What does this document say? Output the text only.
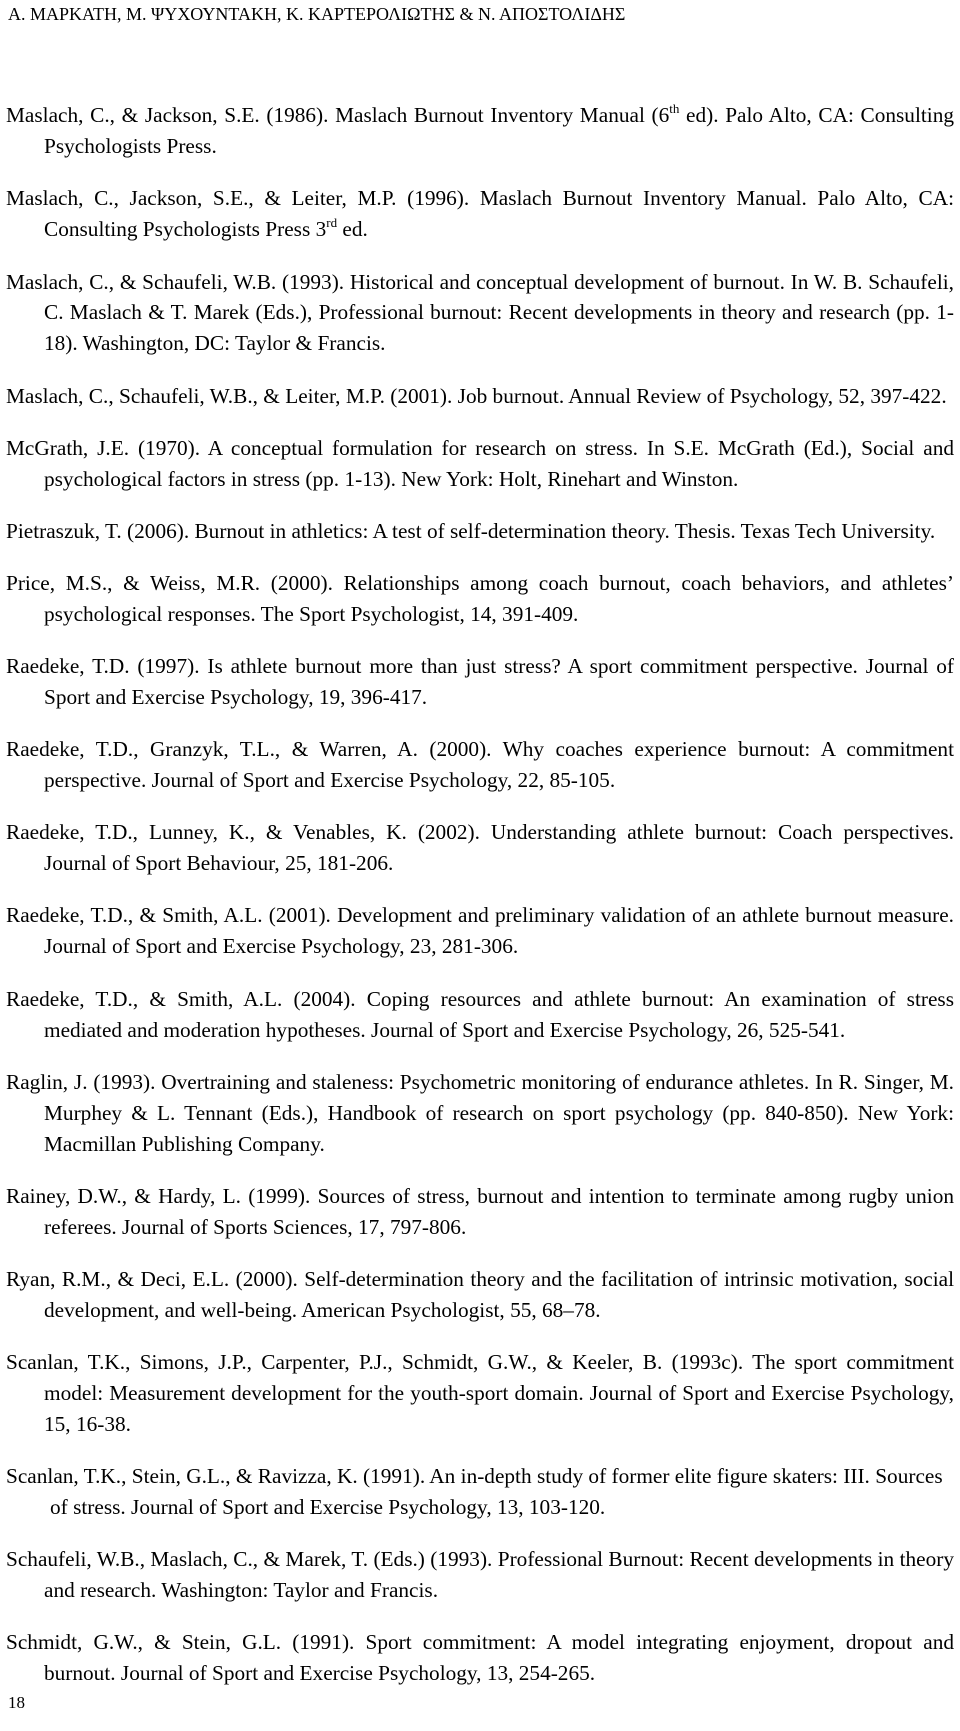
Α. ΜΑΡΚΑΤΗ, Μ. ΨΥΧΟΥΝΤΑΚΗ, Κ. ΚΑΡΤΕΡΟΛΙΩΤΗΣ & Ν. ΑΠΟΣΤΟΛΙΔΗΣ

Maslach, C., & Jackson, S.E. (1986). Maslach Burnout Inventory Manual (6th ed). Palo Alto, CA: Consulting Psychologists Press.

Maslach, C., Jackson, S.E., & Leiter, M.P. (1996). Maslach Burnout Inventory Manual. Palo Alto, CA: Consulting Psychologists Press 3rd ed.

Maslach, C., & Schaufeli, W.B. (1993). Historical and conceptual development of burnout. In W. B. Schaufeli, C. Maslach & T. Marek (Eds.), Professional burnout: Recent developments in theory and research (pp. 1-18). Washington, DC: Taylor & Francis.

Maslach, C., Schaufeli, W.B., & Leiter, M.P. (2001). Job burnout. Annual Review of Psychology, 52, 397-422.

McGrath, J.E. (1970). A conceptual formulation for research on stress. In S.E. McGrath (Ed.), Social and psychological factors in stress (pp. 1-13). New York: Holt, Rinehart and Winston.

Pietraszuk, T. (2006). Burnout in athletics: A test of self-determination theory. Thesis. Texas Tech University.

Price, M.S., & Weiss, M.R. (2000). Relationships among coach burnout, coach behaviors, and athletes’ psychological responses. The Sport Psychologist, 14, 391-409.

Raedeke, T.D. (1997). Is athlete burnout more than just stress? A sport commitment perspective. Journal of Sport and Exercise Psychology, 19, 396-417.

Raedeke, T.D., Granzyk, T.L., & Warren, A. (2000). Why coaches experience burnout: A commitment perspective. Journal of Sport and Exercise Psychology, 22, 85-105.

Raedeke, T.D., Lunney, K., & Venables, K. (2002). Understanding athlete burnout: Coach perspectives. Journal of Sport Behaviour, 25, 181-206.

Raedeke, T.D., & Smith, A.L. (2001). Development and preliminary validation of an athlete burnout measure. Journal of Sport and Exercise Psychology, 23, 281-306.

Raedeke, T.D., & Smith, A.L. (2004). Coping resources and athlete burnout: An examination of stress mediated and moderation hypotheses. Journal of Sport and Exercise Psychology, 26, 525-541.

Raglin, J. (1993). Overtraining and staleness: Psychometric monitoring of endurance athletes. In R. Singer, M. Murphey & L. Tennant (Eds.), Handbook of research on sport psychology (pp. 840-850). New York: Macmillan Publishing Company.

Rainey, D.W., & Hardy, L. (1999). Sources of stress, burnout and intention to terminate among rugby union referees. Journal of Sports Sciences, 17, 797-806.

Ryan, R.M., & Deci, E.L. (2000). Self-determination theory and the facilitation of intrinsic motivation, social development, and well-being. American Psychologist, 55, 68–78.

Scanlan, T.K., Simons, J.P., Carpenter, P.J., Schmidt, G.W., & Keeler, B. (1993c). The sport commitment model: Measurement development for the youth-sport domain. Journal of Sport and Exercise Psychology, 15, 16-38.

Scanlan, T.K., Stein, G.L., & Ravizza, K. (1991). An in-depth study of former elite figure skaters: III. Sources of stress. Journal of Sport and Exercise Psychology, 13, 103-120.

Schaufeli, W.B., Maslach, C., & Marek, T. (Eds.) (1993). Professional Burnout: Recent developments in theory and research. Washington: Taylor and Francis.

Schmidt, G.W., & Stein, G.L. (1991). Sport commitment: A model integrating enjoyment, dropout and burnout. Journal of Sport and Exercise Psychology, 13, 254-265.

18
